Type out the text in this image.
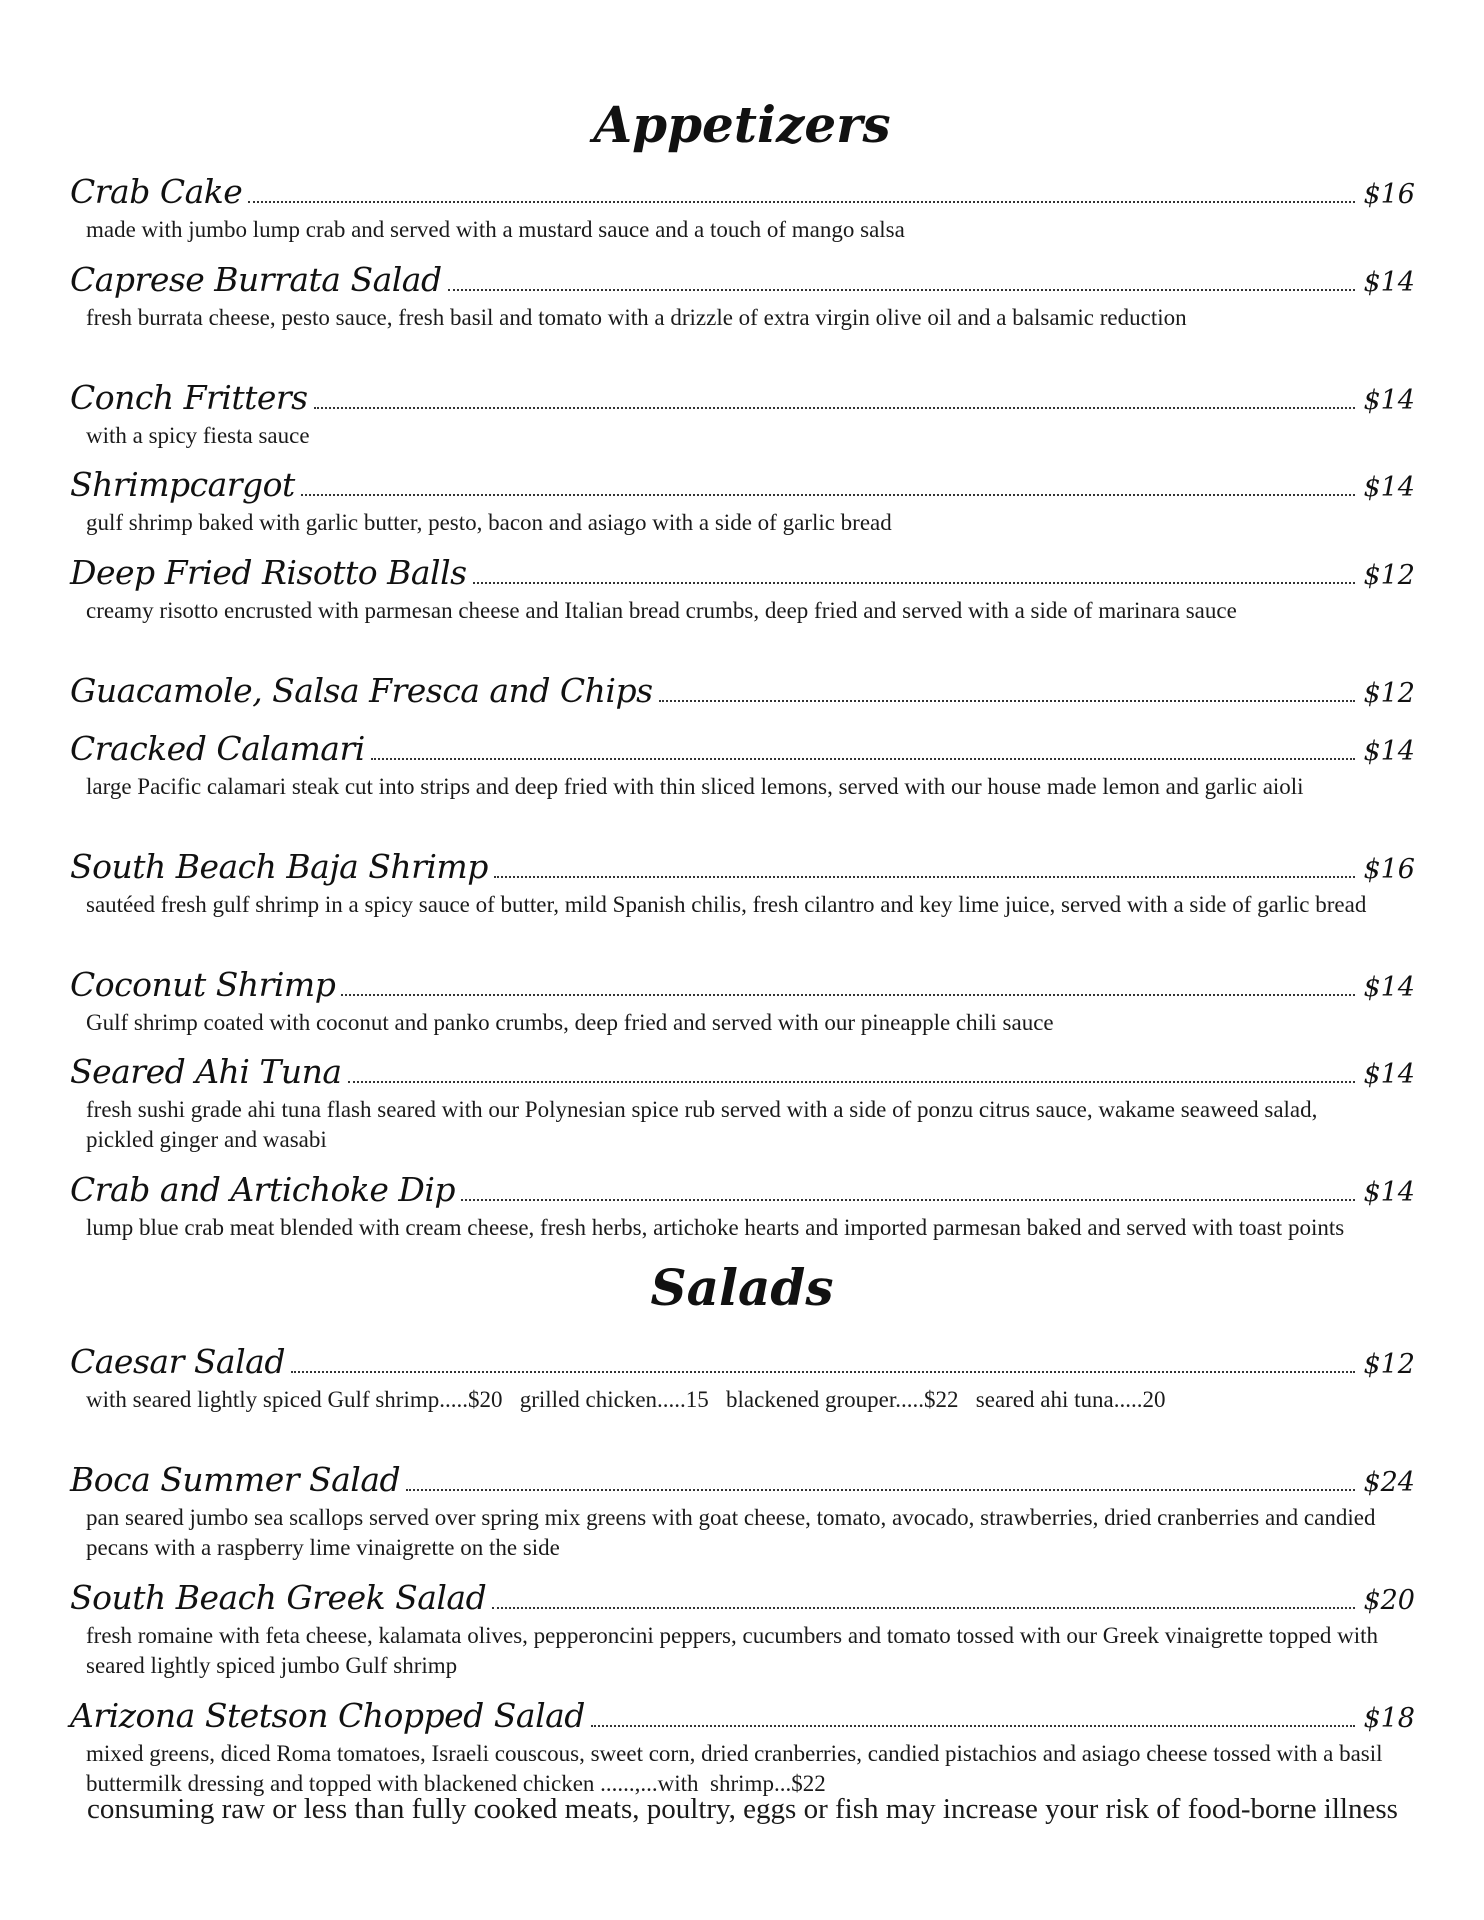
Appetizers
Crab Cake	$16
made with jumbo lump crab and served with a mustard sauce and a touch of mango salsa
Caprese Burrata Salad	$14
fresh burrata cheese, pesto sauce, fresh basil and tomato with a drizzle of extra virgin olive oil and a balsamic reduction
Conch Fritters	$14
with a spicy fiesta sauce
Shrimpcargot	$14
gulf shrimp baked with garlic butter, pesto, bacon and asiago with a side of garlic bread
Deep Fried Risotto Balls	$12
creamy risotto encrusted with parmesan cheese and Italian bread crumbs, deep fried and served with a side of marinara sauce
Guacamole, Salsa Fresca and Chips	$12
Cracked Calamari	$14
large Pacific calamari steak cut into strips and deep fried with thin sliced lemons, served with our house made lemon and garlic aioli
South Beach Baja Shrimp	$16
sautéed fresh gulf shrimp in a spicy sauce of butter, mild Spanish chilis, fresh cilantro and key lime juice, served with a side of garlic bread
Coconut Shrimp	$14
Gulf shrimp coated with coconut and panko crumbs, deep fried and served with our pineapple chili sauce
Seared Ahi Tuna	$14
fresh sushi grade ahi tuna flash seared with our Polynesian spice rub served with a side of ponzu citrus sauce, wakame seaweed salad, pickled ginger and wasabi
Crab and Artichoke Dip	$14
lump blue crab meat blended with cream cheese, fresh herbs, artichoke hearts and imported parmesan baked and served with toast points
Salads
Caesar Salad	$12
with seared lightly spiced Gulf shrimp.....$20   grilled chicken.....15   blackened grouper.....$22   seared ahi tuna.....20
Boca Summer Salad	$24
pan seared jumbo sea scallops served over spring mix greens with goat cheese, tomato, avocado, strawberries, dried cranberries and candied pecans with a raspberry lime vinaigrette on the side
South Beach Greek Salad	$20
fresh romaine with feta cheese, kalamata olives, pepperoncini peppers, cucumbers and tomato tossed with our Greek vinaigrette topped with seared lightly spiced jumbo Gulf shrimp
Arizona Stetson Chopped Salad	$18
mixed greens, diced Roma tomatoes, Israeli couscous, sweet corn, dried cranberries, candied pistachios and asiago cheese tossed with a basil buttermilk dressing and topped with blackened chicken ......,...with  shrimp...$22
consuming raw or less than fully cooked meats, poultry, eggs or fish may increase your risk of food-borne illness
